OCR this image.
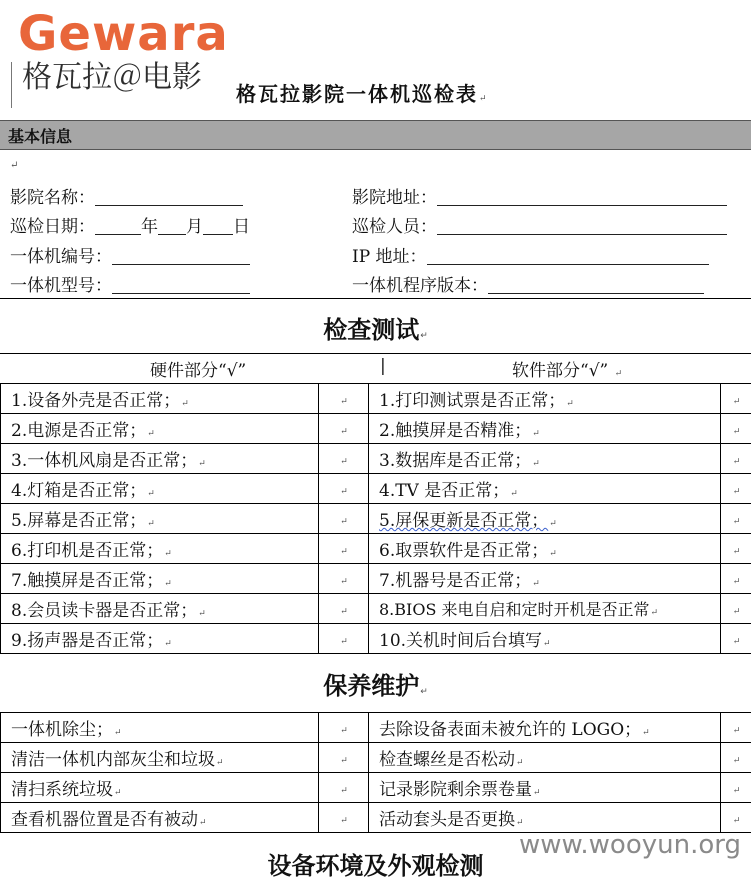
Gewara
格瓦拉＠电影 格瓦拉影院一体机巡检表↵
基本信息
↵
影院名称：	影院地址：
巡检日期：	年 月 日	巡检人员：
一体机编号：	IP 地址：
一体机型号：	一体机程序版本：
检查测试↵
硬件部分“√”	|	软件部分“√” ↵
1.设备外壳是否正常；↵	↵	1.打印测试票是否正常；↵	↵
2.电源是否正常；↵	↵	2.触摸屏是否精准；↵	↵
3.一体机风扇是否正常；↵	↵	3.数据库是否正常；↵	↵
4.灯箱是否正常；↵	↵	4.TV 是否正常；↵	↵
5.屏幕是否正常；↵	↵	5.屏保更新是否正常；↵	↵
6.打印机是否正常；↵	↵	6.取票软件是否正常；↵	↵
7.触摸屏是否正常；↵	↵	7.机器号是否正常；↵	↵
8.会员读卡器是否正常；↵	↵	8.BIOS 来电自启和定时开机是否正常↵	↵
9.扬声器是否正常；↵	↵	10.关机时间后台填写↵	↵
保养维护↵
一体机除尘；↵	↵	去除设备表面未被允许的 LOGO；↵	↵
清洁一体机内部灰尘和垃圾↵	↵	检查螺丝是否松动↵	↵
清扫系统垃圾↵	↵	记录影院剩余票卷量↵	↵
查看机器位置是否有被动↵	↵	活动套头是否更换↵	↵
设备环境及外观检测
www.wooyun.org
